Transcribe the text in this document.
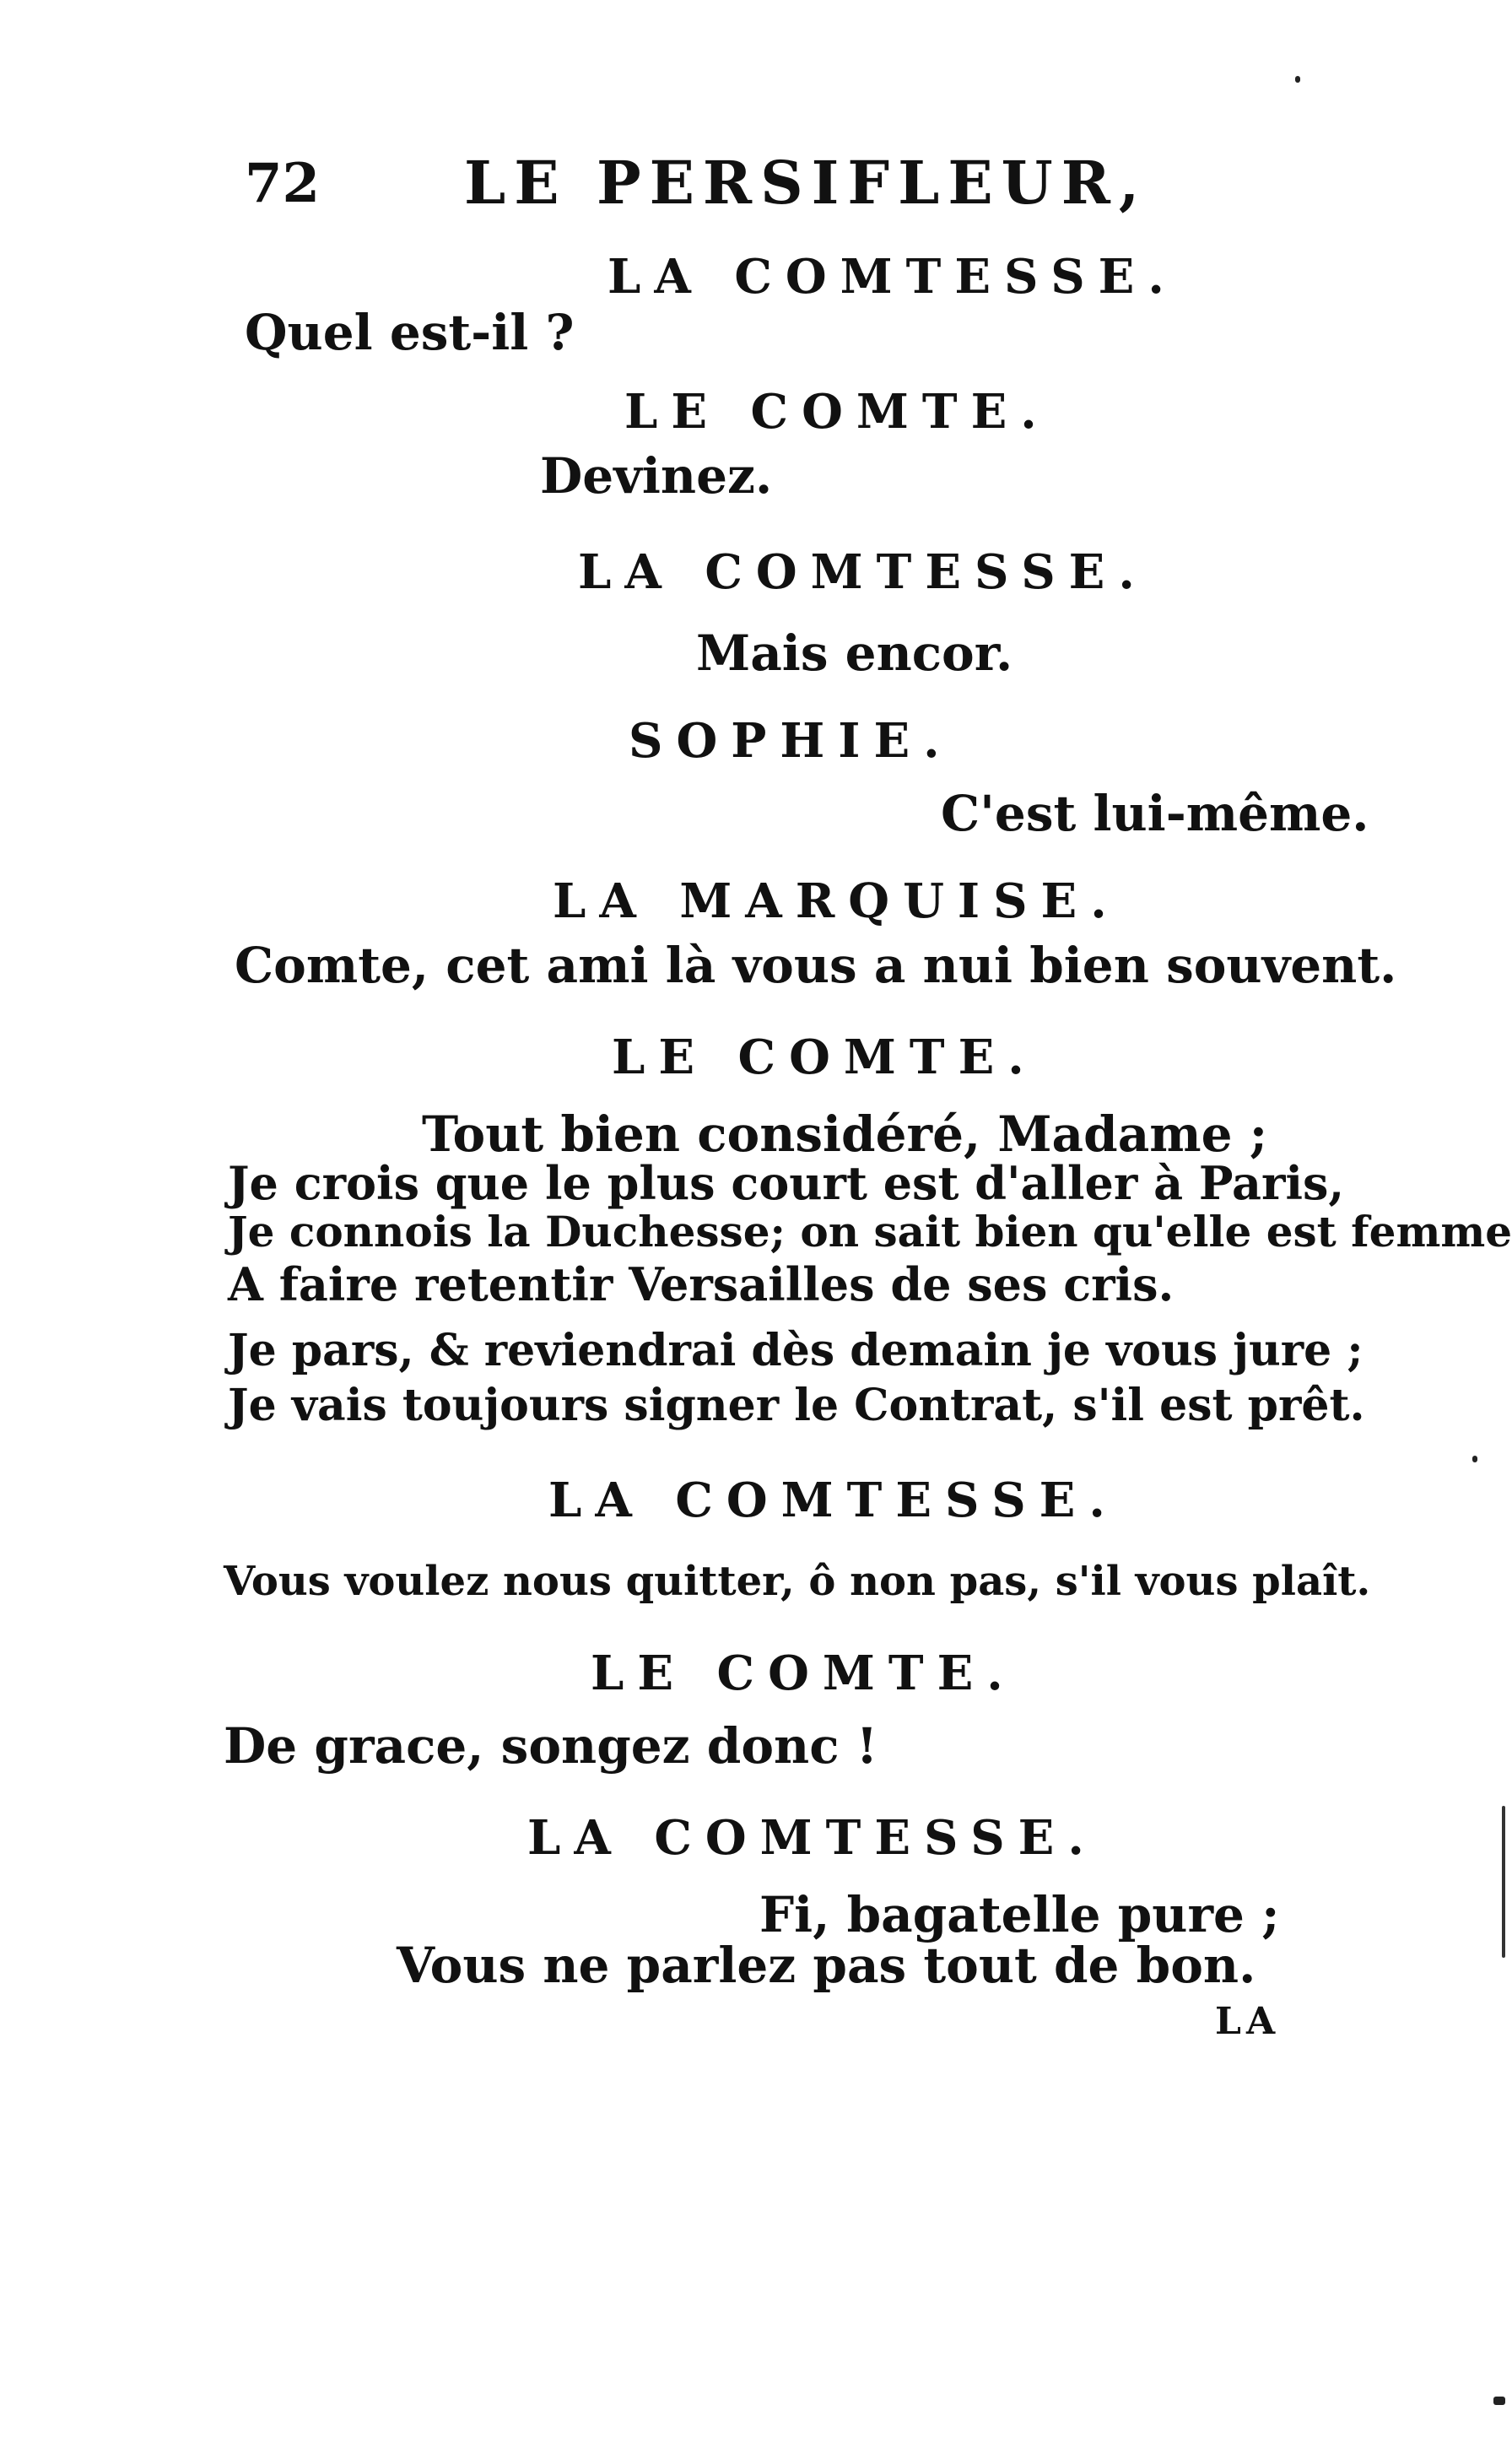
72 LE PERSIFLEUR,
LA COMTESSE.
Quel est-il ?
LE COMTE.
Devinez.
LA COMTESSE.
Mais encor.
SOPHIE.
C'est lui-même.
LA MARQUISE.
Comte, cet ami là vous a nui bien souvent.
LE COMTE.
Tout bien considéré, Madame ;
Je crois que le plus court est d'aller à Paris,
Je connois la Duchesse; on sait bien qu'elle est femme
A faire retentir Versailles de ses cris.
Je pars, & reviendrai dès demain je vous jure ;
Je vais toujours signer le Contrat, s'il est prêt.
LA COMTESSE.
Vous voulez nous quitter, ô non pas, s'il vous plaît.
LE COMTE.
De grace, songez donc !
LA COMTESSE.
Fi, bagatelle pure ;
Vous ne parlez pas tout de bon.
LA
